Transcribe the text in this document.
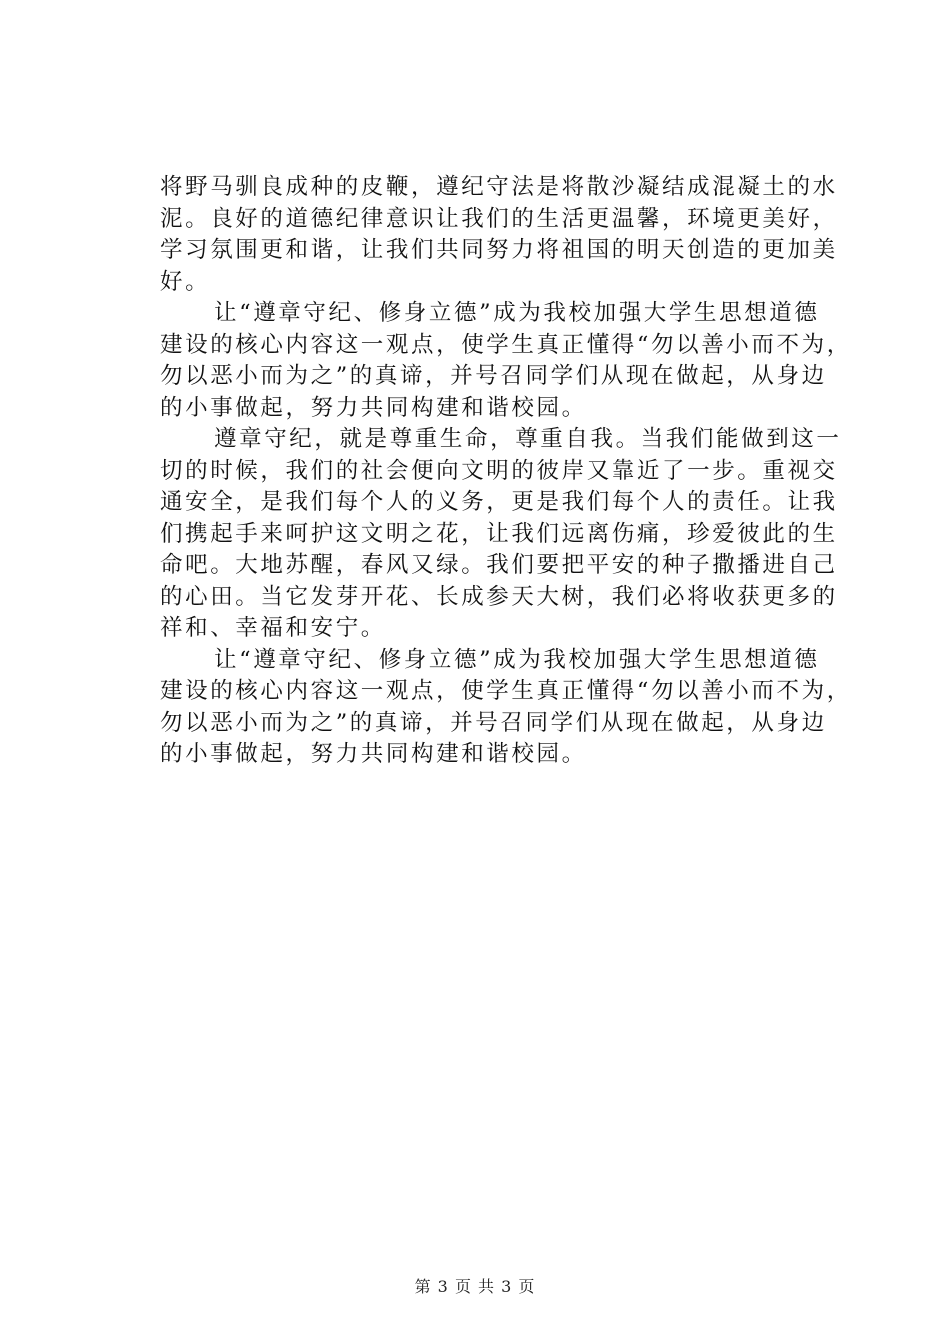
将野马驯良成种的皮鞭，遵纪守法是将散沙凝结成混凝土的水
泥。良好的道德纪律意识让我们的生活更温馨，环境更美好，
学习氛围更和谐，让我们共同努力将祖国的明天创造的更加美
好。
让“遵章守纪、修身立德”成为我校加强大学生思想道德
建设的核心内容这一观点，使学生真正懂得“勿以善小而不为，
勿以恶小而为之”的真谛，并号召同学们从现在做起，从身边
的小事做起，努力共同构建和谐校园。
遵章守纪，就是尊重生命，尊重自我。当我们能做到这一
切的时候，我们的社会便向文明的彼岸又靠近了一步。重视交
通安全，是我们每个人的义务，更是我们每个人的责任。让我
们携起手来呵护这文明之花，让我们远离伤痛，珍爱彼此的生
命吧。大地苏醒，春风又绿。我们要把平安的种子撒播进自己
的心田。当它发芽开花、长成参天大树，我们必将收获更多的
祥和、幸福和安宁。
让“遵章守纪、修身立德”成为我校加强大学生思想道德
建设的核心内容这一观点，使学生真正懂得“勿以善小而不为，
勿以恶小而为之”的真谛，并号召同学们从现在做起，从身边
的小事做起，努力共同构建和谐校园。
第 3 页 共 3 页
